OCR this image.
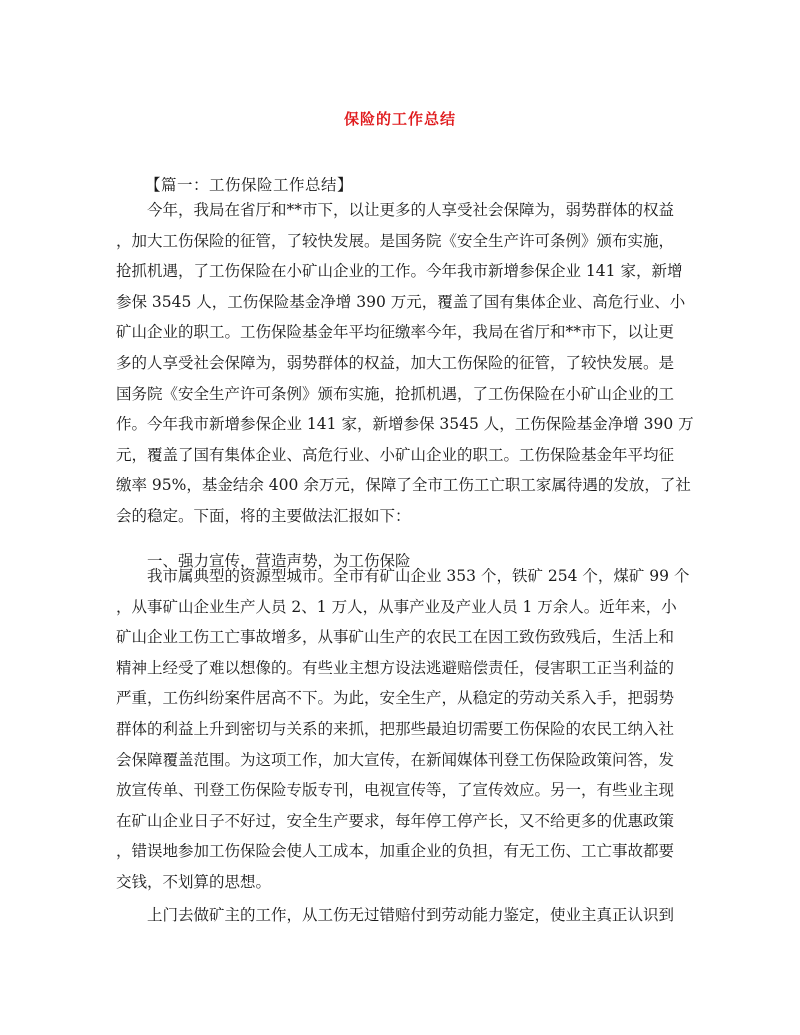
保险的工作总结
【篇一：工伤保险工作总结】
今年，我局在省厅和**市下，以让更多的人享受社会保障为，弱势群体的权益
，加大工伤保险的征管，了较快发展。是国务院《安全生产许可条例》颁布实施，
抢抓机遇，了工伤保险在小矿山企业的工作。今年我市新增参保企业 141 家，新增
参保 3545 人，工伤保险基金净增 390 万元，覆盖了国有集体企业、高危行业、小
矿山企业的职工。工伤保险基金年平均征缴率今年，我局在省厅和**市下，以让更
多的人享受社会保障为，弱势群体的权益，加大工伤保险的征管，了较快发展。是
国务院《安全生产许可条例》颁布实施，抢抓机遇，了工伤保险在小矿山企业的工
作。今年我市新增参保企业 141 家，新增参保 3545 人，工伤保险基金净增 390 万
元，覆盖了国有集体企业、高危行业、小矿山企业的职工。工伤保险基金年平均征
缴率 95%，基金结余 400 余万元，保障了全市工伤工亡职工家属待遇的发放，了社
会的稳定。下面，将的主要做法汇报如下：
一、强力宣传，营造声势，为工伤保险
我市属典型的资源型城市。全市有矿山企业 353 个，铁矿 254 个，煤矿 99 个
，从事矿山企业生产人员 2、1 万人，从事产业及产业人员 1 万余人。近年来，小
矿山企业工伤工亡事故增多，从事矿山生产的农民工在因工致伤致残后，生活上和
精神上经受了难以想像的。有些业主想方设法逃避赔偿责任，侵害职工正当利益的
严重，工伤纠纷案件居高不下。为此，安全生产，从稳定的劳动关系入手，把弱势
群体的利益上升到密切与关系的来抓，把那些最迫切需要工伤保险的农民工纳入社
会保障覆盖范围。为这项工作，加大宣传，在新闻媒体刊登工伤保险政策问答，发
放宣传单、刊登工伤保险专版专刊，电视宣传等，了宣传效应。另一，有些业主现
在矿山企业日子不好过，安全生产要求，每年停工停产长，又不给更多的优惠政策
，错误地参加工伤保险会使人工成本，加重企业的负担，有无工伤、工亡事故都要
交钱，不划算的思想。
上门去做矿主的工作，从工伤无过错赔付到劳动能力鉴定，使业主真正认识到
